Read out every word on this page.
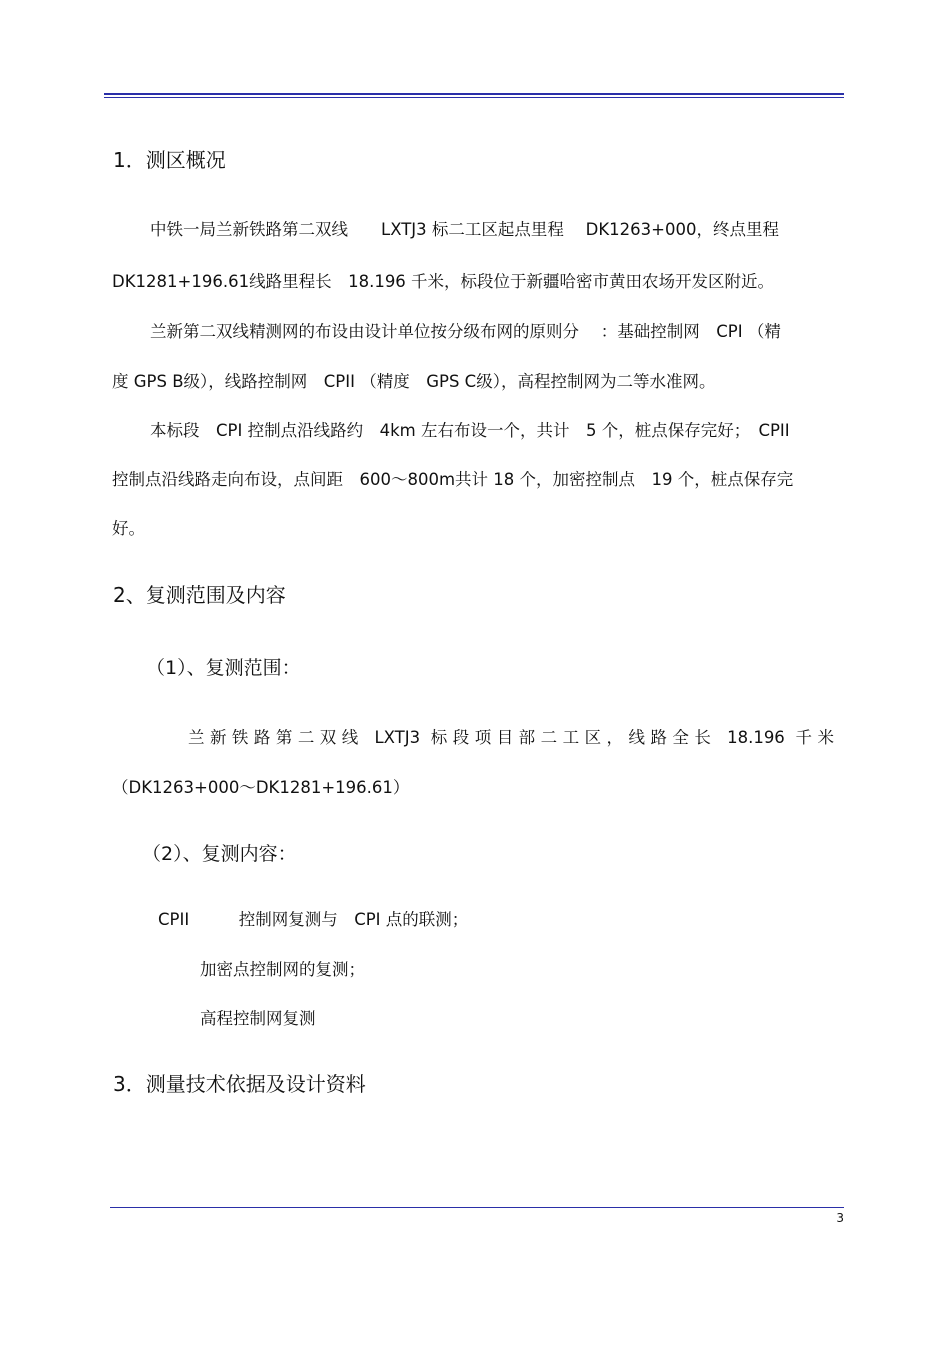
1．测区概况
中铁一局兰新铁路第二双线　　LXTJ3 标二工区起点里程　 DK1263+000，终点里程
DK1281+196.61线路里程长　18.196 千米，标段位于新疆哈密市黄田农场开发区附近。
兰新第二双线精测网的布设由设计单位按分级布网的原则分　 ：基础控制网　CPI （精
度 GPS B级），线路控制网　CPII （精度　GPS C级），高程控制网为二等水准网。
本标段　CPI 控制点沿线路约　4km 左右布设一个，共计　5 个，桩点保存完好；　CPII
控制点沿线路走向布设，点间距　600～800m共计 18 个，加密控制点　19 个，桩点保存完
好。
2、复测范围及内容
（1）、复测范围：
兰新铁路第二双线 LXTJ3 标段项目部二工区，线路全长 18.196 千米
（DK1263+000～DK1281+196.61）
（2）、复测内容：
CPII　　　控制网复测与　CPI 点的联测；
加密点控制网的复测；
高程控制网复测
3．测量技术依据及设计资料
3
